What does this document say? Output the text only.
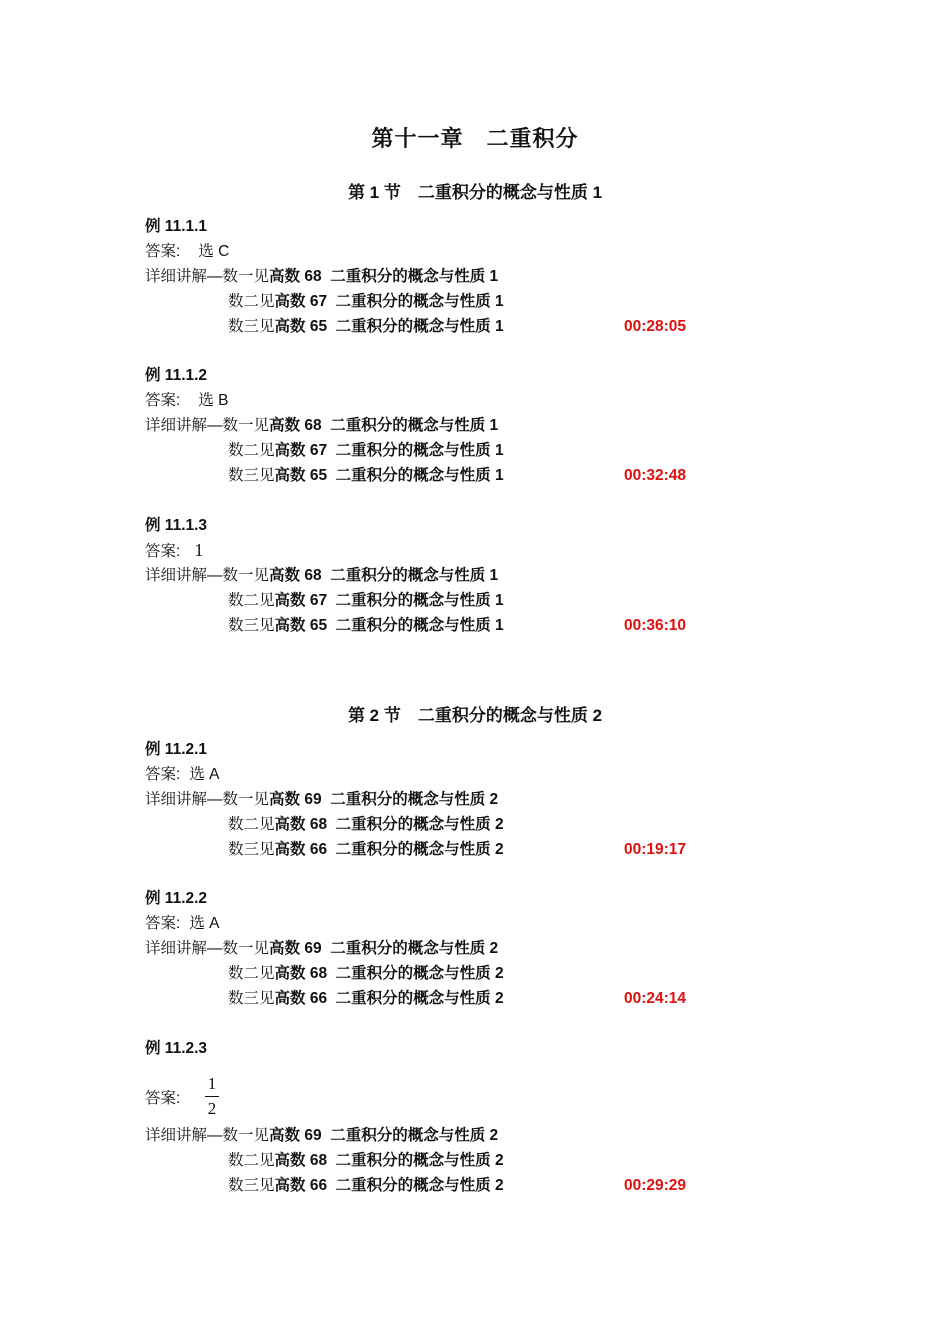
第十一章　二重积分
第 1 节　二重积分的概念与性质 1
例 11.1.1
答案: 选 C
详细讲解—数一见高数 68  二重积分的概念与性质 1
数二见高数 67  二重积分的概念与性质 1
数三见高数 65  二重积分的概念与性质 1	00:28:05
例 11.1.2
答案: 选 B
详细讲解—数一见高数 68  二重积分的概念与性质 1
数二见高数 67  二重积分的概念与性质 1
数三见高数 65  二重积分的概念与性质 1	00:32:48
例 11.1.3
答案: 1
详细讲解—数一见高数 68  二重积分的概念与性质 1
数二见高数 67  二重积分的概念与性质 1
数三见高数 65  二重积分的概念与性质 1	00:36:10
第 2 节　二重积分的概念与性质 2
例 11.2.1
答案: 选 A
详细讲解—数一见高数 69  二重积分的概念与性质 2
数二见高数 68  二重积分的概念与性质 2
数三见高数 66  二重积分的概念与性质 2	00:19:17
例 11.2.2
答案: 选 A
详细讲解—数一见高数 69  二重积分的概念与性质 2
数二见高数 68  二重积分的概念与性质 2
数三见高数 66  二重积分的概念与性质 2	00:24:14
例 11.2.3
答案:
1
2
详细讲解—数一见高数 69  二重积分的概念与性质 2
数二见高数 68  二重积分的概念与性质 2
数三见高数 66  二重积分的概念与性质 2	00:29:29
